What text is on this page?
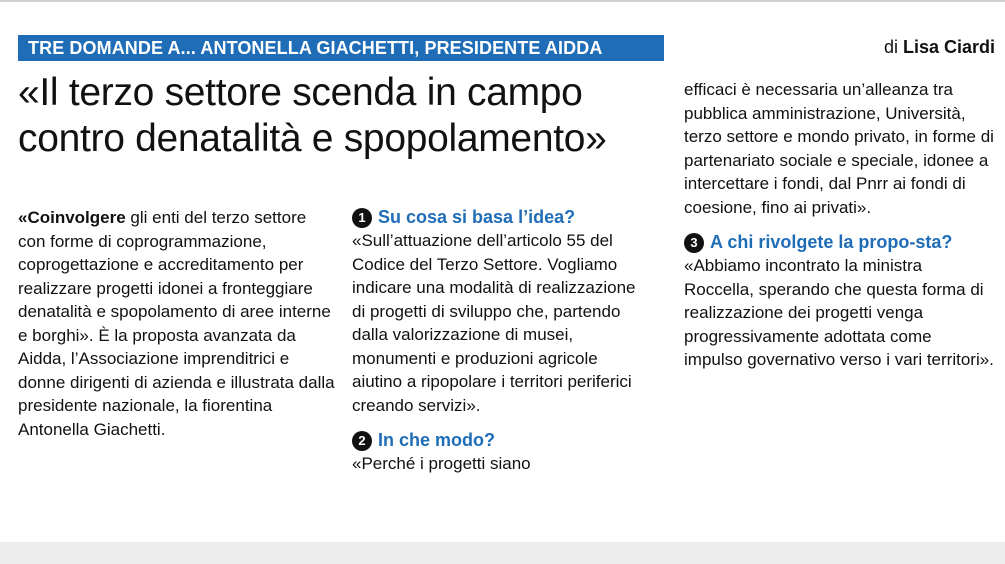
TRE DOMANDE A... ANTONELLA GIACHETTI, PRESIDENTE AIDDA	di Lisa Ciardi
«Il terzo settore scenda in campo contro denatalità e spopolamento»

«Coinvolgere gli enti del terzo settore con forme di coprogrammazione, coprogettazione e accreditamento per realizzare progetti idonei a fronteggiare denatalità e spopolamento di aree interne e borghi». È la proposta avanzata da Aidda, l’Associazione imprenditrici e donne dirigenti di azienda e illustrata dalla presidente nazionale, la fiorentina Antonella Giachetti.

1 Su cosa si basa l’idea?

«Sull’attuazione dell’articolo 55 del Codice del Terzo Settore. Vogliamo indicare una modalità di realizzazione di progetti di sviluppo che, partendo dalla valorizzazione di musei, monumenti e produzioni agricole aiutino a ripopolare i territori periferici creando servizi».

2 In che modo?

«Perché i progetti siano

efficaci è necessaria un’alleanza tra pubblica amministrazione, Università, terzo settore e mondo privato, in forme di partenariato sociale e speciale, idonee a intercettare i fondi, dal Pnrr ai fondi di coesione, fino ai privati».

3 A chi rivolgete la propo-sta?

«Abbiamo incontrato la ministra Roccella, sperando che questa forma di realizzazione dei progetti venga progressivamente adottata come impulso governativo verso i vari territori».
